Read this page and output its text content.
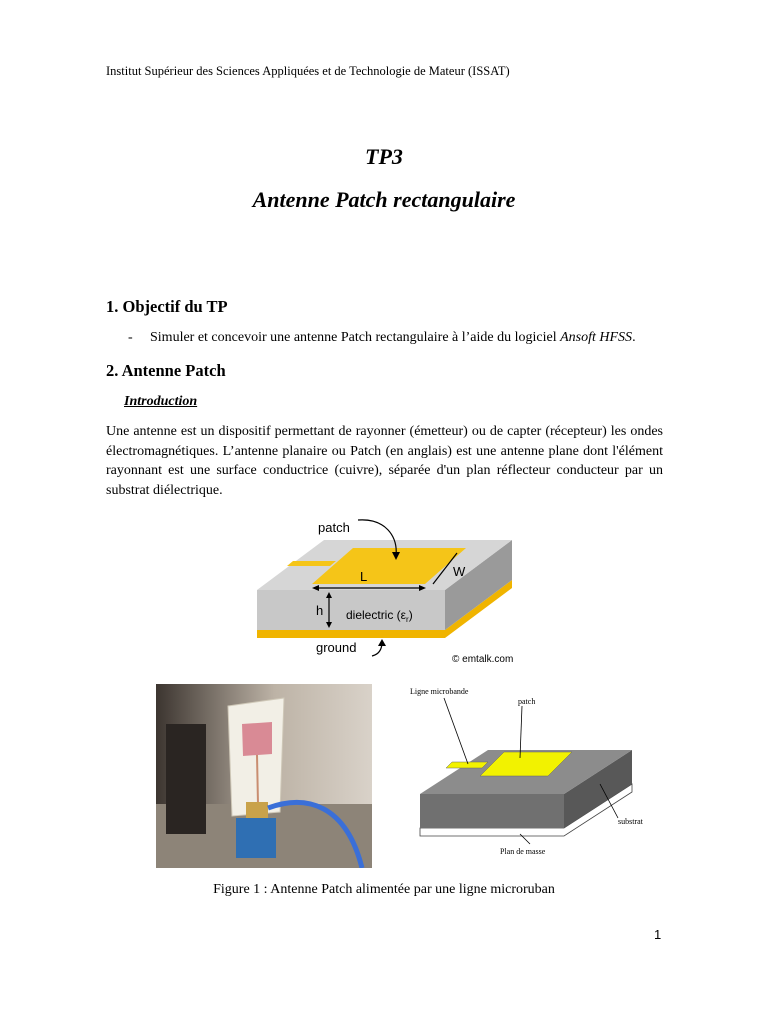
Institut Supérieur des Sciences Appliquées et de Technologie de Mateur (ISSAT)
TP3
Antenne Patch rectangulaire
1. Objectif du TP
- Simuler et concevoir une antenne Patch rectangulaire à l’aide du logiciel Ansoft HFSS.
2. Antenne Patch
Introduction
Une antenne est un dispositif permettant de rayonner (émetteur) ou de capter (récepteur) les ondes électromagnétiques. L’antenne planaire ou Patch (en anglais) est une antenne plane dont l'élément rayonnant est une surface conductrice (cuivre), séparée d'un plan réflecteur conducteur par un substrat diélectrique.
patch
L	W
h dielectric $(\varepsilon_r)$
ground
© emtalk.com
Ligne microbande
patch
substrat
Plan de masse
Figure 1 : Antenne Patch alimentée par une ligne microruban
1
